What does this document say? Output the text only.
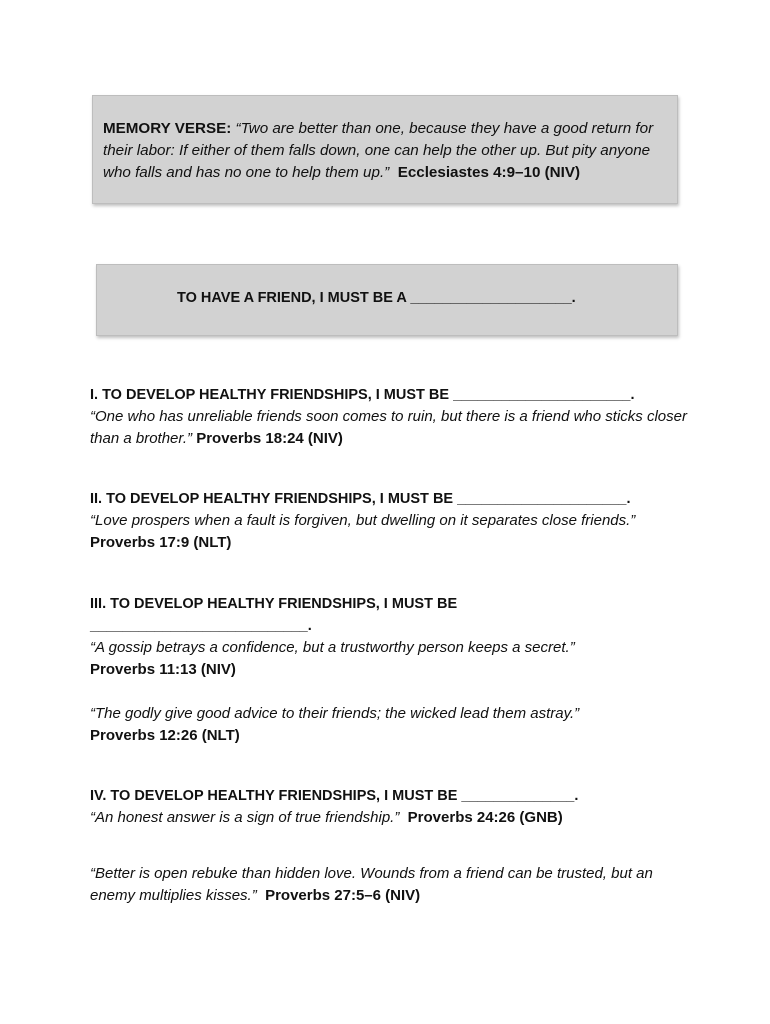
MEMORY VERSE: “Two are better than one, because they have a good return for their labor: If either of them falls down, one can help the other up. But pity anyone who falls and has no one to help them up.” Ecclesiastes 4:9–10 (NIV)
TO HAVE A FRIEND, I MUST BE A ____________________.
I. TO DEVELOP HEALTHY FRIENDSHIPS, I MUST BE ______________________.
“One who has unreliable friends soon comes to ruin, but there is a friend who sticks closer than a brother.” Proverbs 18:24 (NIV)
II. TO DEVELOP HEALTHY FRIENDSHIPS, I MUST BE _____________________.
“Love prospers when a fault is forgiven, but dwelling on it separates close friends.” Proverbs 17:9 (NLT)
III. TO DEVELOP HEALTHY FRIENDSHIPS, I MUST BE
___________________________.
“A gossip betrays a confidence, but a trustworthy person keeps a secret.”
Proverbs 11:13 (NIV)
“The godly give good advice to their friends; the wicked lead them astray.”
Proverbs 12:26 (NLT)
IV. TO DEVELOP HEALTHY FRIENDSHIPS, I MUST BE ______________.
“An honest answer is a sign of true friendship.” Proverbs 24:26 (GNB)
“Better is open rebuke than hidden love. Wounds from a friend can be trusted, but an enemy multiplies kisses.” Proverbs 27:5–6 (NIV)
